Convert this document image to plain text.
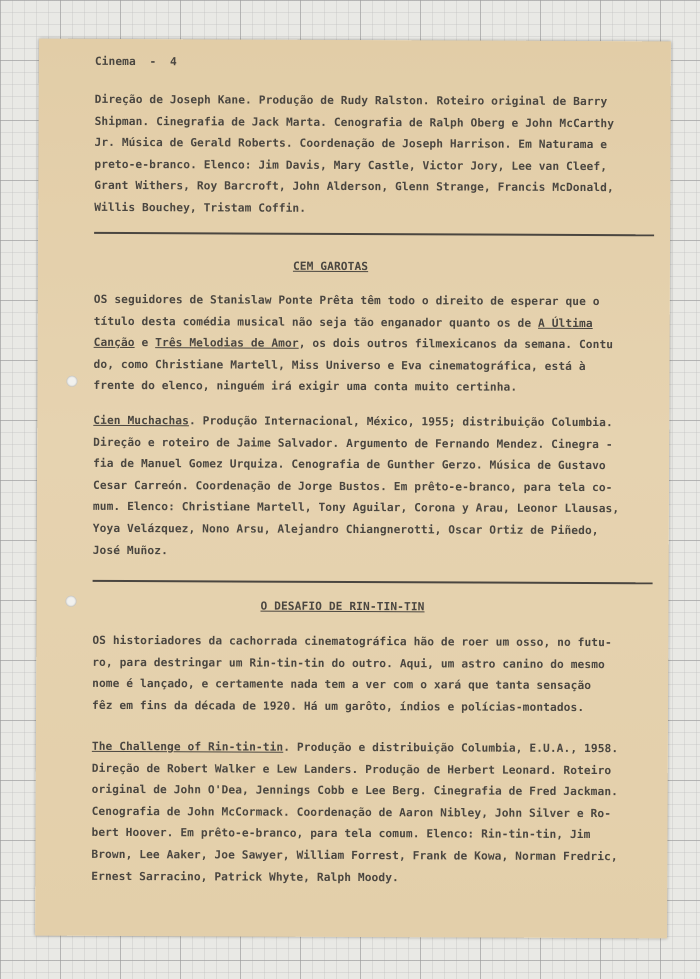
Cinema  -  4
Direção de Joseph Kane. Produção de Rudy Ralston. Roteiro original de Barry
Shipman. Cinegrafia de Jack Marta. Cenografia de Ralph Oberg e John McCarthy
Jr. Música de Gerald Roberts. Coordenação de Joseph Harrison. Em Naturama e
preto-e-branco. Elenco: Jim Davis, Mary Castle, Victor Jory, Lee van Cleef,
Grant Withers, Roy Barcroft, John Alderson, Glenn Strange, Francis McDonald,
Willis Bouchey, Tristam Coffin.
CEM GAROTAS
OS seguidores de Stanislaw Ponte Prêta têm todo o direito de esperar que o
título desta comédia musical não seja tão enganador quanto os de A Última
Canção e Três Melodias de Amor, os dois outros filmexicanos da semana. Contu
do, como Christiane Martell, Miss Universo e Eva cinematográfica, está à
frente do elenco, ninguém irá exigir uma conta muito certinha.
Cien Muchachas. Produção Internacional, México, 1955; distribuição Columbia.
Direção e roteiro de Jaime Salvador. Argumento de Fernando Mendez. Cinegra -
fia de Manuel Gomez Urquiza. Cenografia de Gunther Gerzo. Música de Gustavo
Cesar Carreón. Coordenação de Jorge Bustos. Em prêto-e-branco, para tela co-
mum. Elenco: Christiane Martell, Tony Aguilar, Corona y Arau, Leonor Llausas,
Yoya Velázquez, Nono Arsu, Alejandro Chiangnerotti, Oscar Ortiz de Piñedo,
José Muñoz.
O DESAFIO DE RIN-TIN-TIN
OS historiadores da cachorrada cinematográfica hão de roer um osso, no futu-
ro, para destringar um Rin-tin-tin do outro. Aqui, um astro canino do mesmo
nome é lançado, e certamente nada tem a ver com o xará que tanta sensação
fêz em fins da década de 1920. Há um garôto, índios e polícias-montados.
The Challenge of Rin-tin-tin. Produção e distribuição Columbia, E.U.A., 1958.
Direção de Robert Walker e Lew Landers. Produção de Herbert Leonard. Roteiro
original de John O'Dea, Jennings Cobb e Lee Berg. Cinegrafia de Fred Jackman.
Cenografia de John McCormack. Coordenação de Aaron Nibley, John Silver e Ro-
bert Hoover. Em prêto-e-branco, para tela comum. Elenco: Rin-tin-tin, Jim
Brown, Lee Aaker, Joe Sawyer, William Forrest, Frank de Kowa, Norman Fredric,
Ernest Sarracino, Patrick Whyte, Ralph Moody.
